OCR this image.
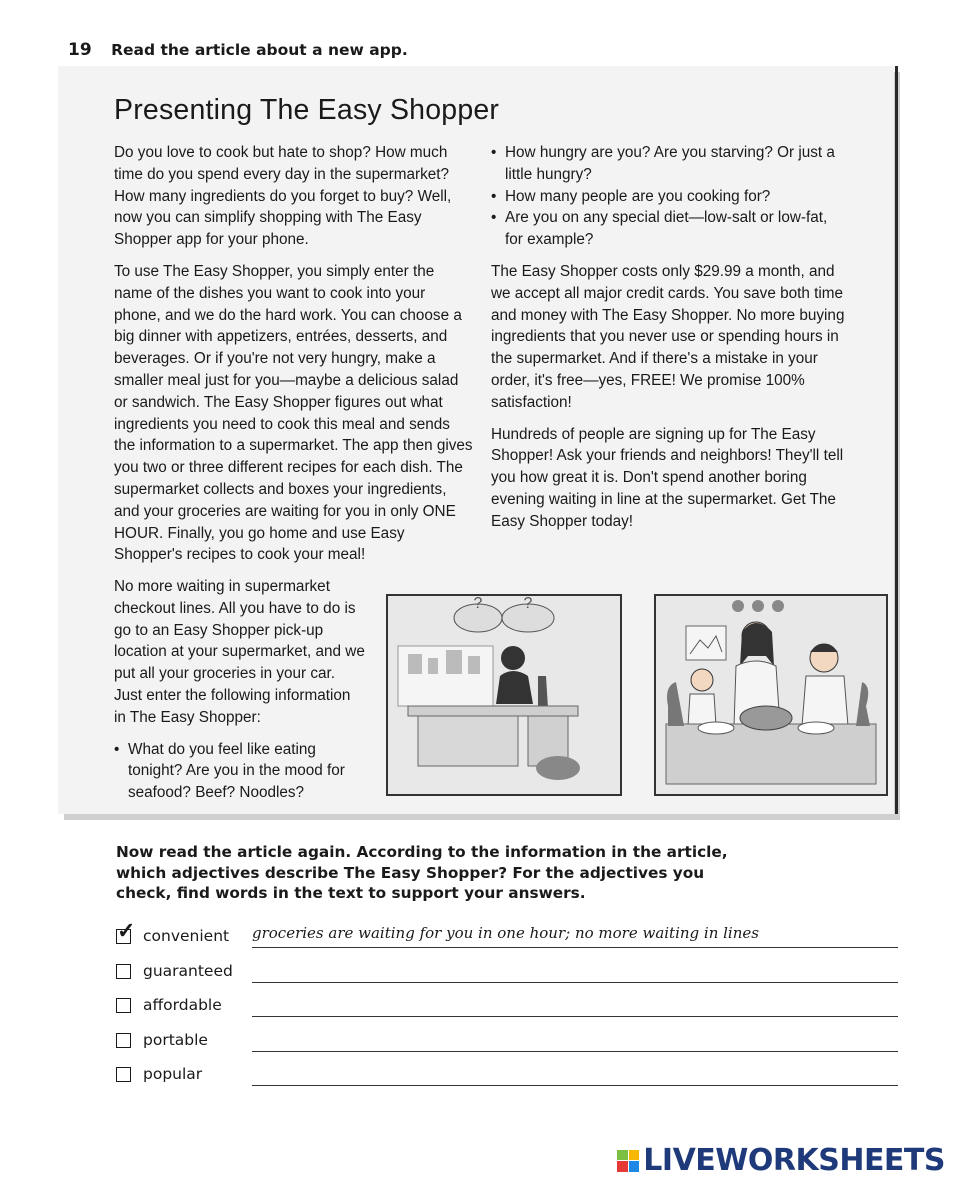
19 Read the article about a new app.
Presenting The Easy Shopper

Do you love to cook but hate to shop? How much time do you spend every day in the supermarket? How many ingredients do you forget to buy? Well, now you can simplify shopping with The Easy Shopper app for your phone.

To use The Easy Shopper, you simply enter the name of the dishes you want to cook into your phone, and we do the hard work. You can choose a big dinner with appetizers, entrées, desserts, and beverages. Or if you're not very hungry, make a smaller meal just for you—maybe a delicious salad or sandwich. The Easy Shopper figures out what ingredients you need to cook this meal and sends the information to a supermarket. The app then gives you two or three different recipes for each dish. The supermarket collects and boxes your ingredients, and your groceries are waiting for you in only ONE HOUR. Finally, you go home and use Easy Shopper's recipes to cook your meal!

No more waiting in supermarket checkout lines. All you have to do is go to an Easy Shopper pick-up location at your supermarket, and we put all your groceries in your car. Just enter the following information in The Easy Shopper:

• What do you feel like eating tonight? Are you in the mood for seafood? Beef? Noodles?
• How hungry are you? Are you starving? Or just a little hungry?
• How many people are you cooking for?
• Are you on any special diet—low-salt or low-fat, for example?

The Easy Shopper costs only $29.99 a month, and we accept all major credit cards. You save both time and money with The Easy Shopper. No more buying ingredients that you never use or spending hours in the supermarket. And if there's a mistake in your order, it's free—yes, FREE! We promise 100% satisfaction!

Hundreds of people are signing up for The Easy Shopper! Ask your friends and neighbors! They'll tell you how great it is. Don't spend another boring evening waiting in line at the supermarket. Get The Easy Shopper today!

?	?
Now read the article again. According to the information in the article, which adjectives describe The Easy Shopper? For the adjectives you check, find words in the text to support your answers.
✓ convenient groceries are waiting for you in one hour; no more waiting in lines
guaranteed
affordable
portable
popular
LIVEWORKSHEETS
